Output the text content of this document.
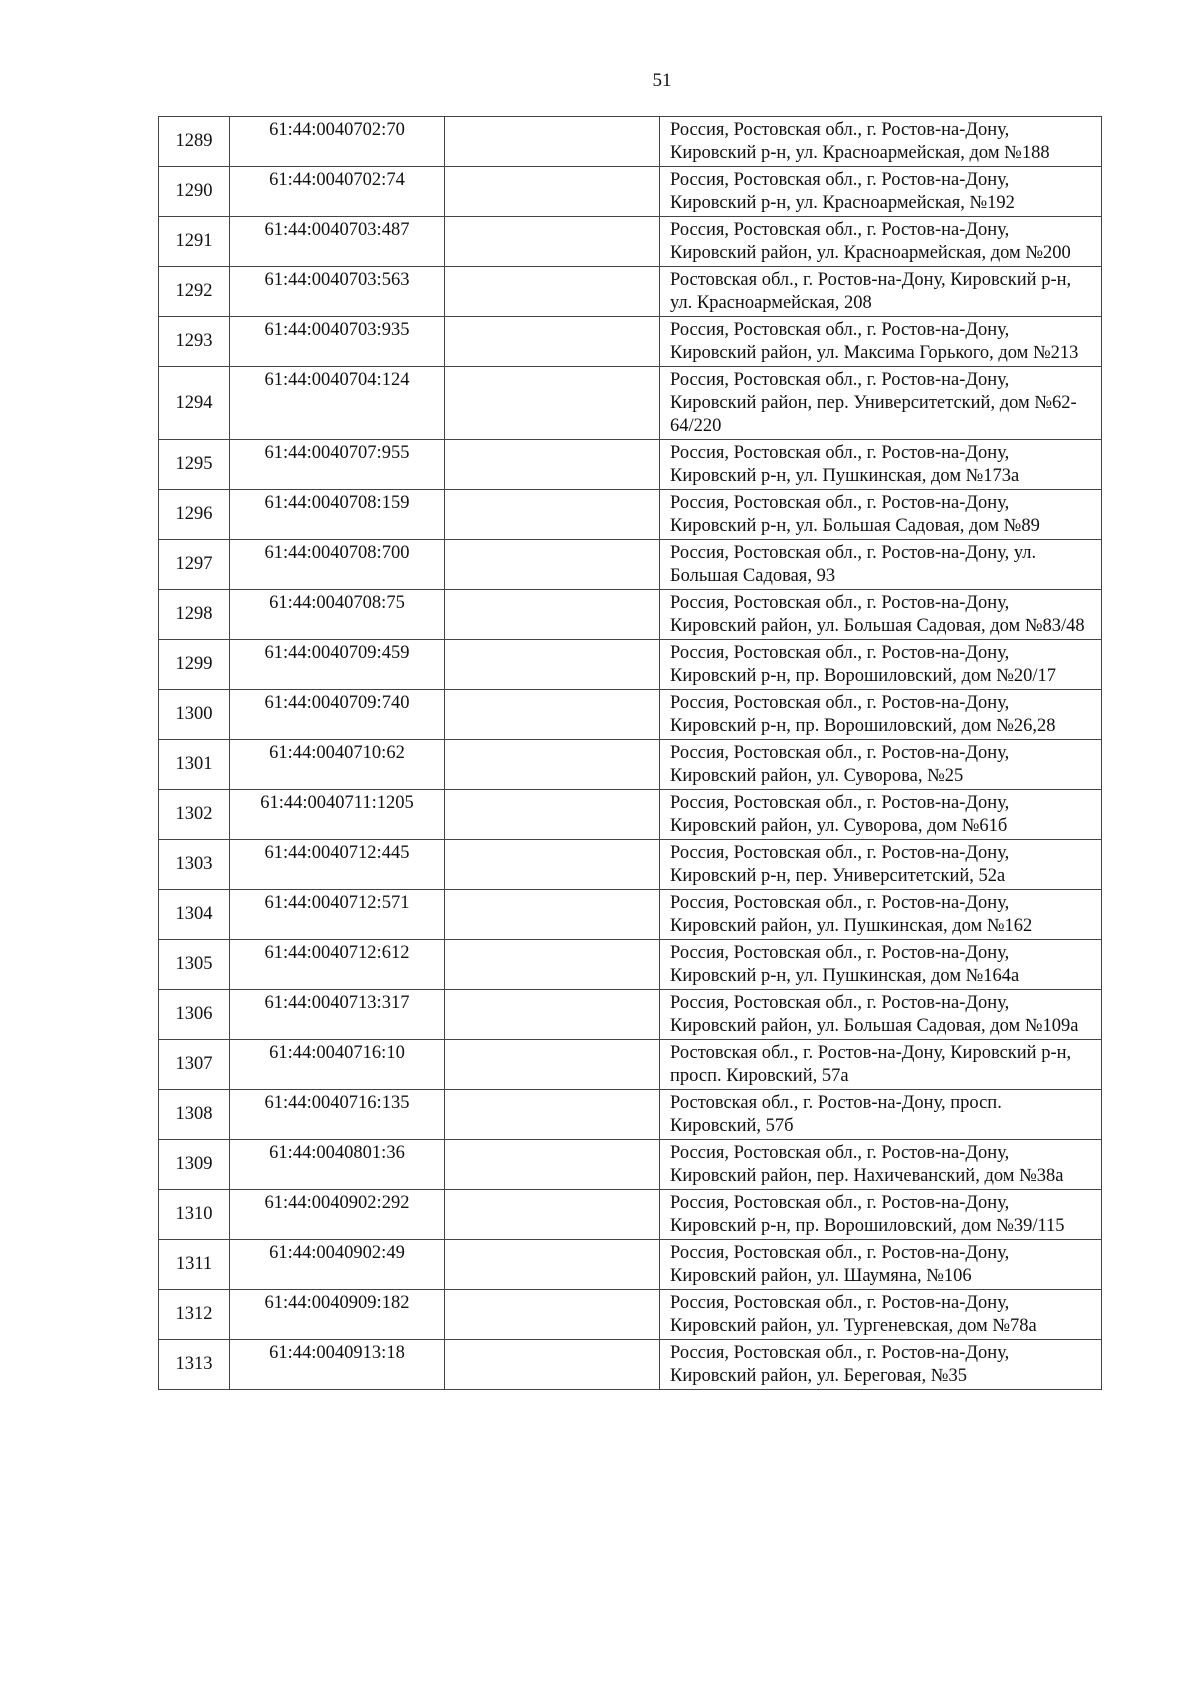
51
1289	61:44:0040702:70		Россия, Ростовская обл., г. Ростов-на-Дону, Кировский р-н, ул. Красноармейская, дом №188
1290	61:44:0040702:74		Россия, Ростовская обл., г. Ростов-на-Дону, Кировский р-н, ул. Красноармейская, №192
1291	61:44:0040703:487		Россия, Ростовская обл., г. Ростов-на-Дону, Кировский район, ул. Красноармейская, дом №200
1292	61:44:0040703:563		Ростовская обл., г. Ростов-на-Дону, Кировский р-н, ул. Красноармейская, 208
1293	61:44:0040703:935		Россия, Ростовская обл., г. Ростов-на-Дону, Кировский район, ул. Максима Горького, дом №213
1294	61:44:0040704:124		Россия, Ростовская обл., г. Ростов-на-Дону, Кировский район, пер. Университетский, дом №62-64/220
1295	61:44:0040707:955		Россия, Ростовская обл., г. Ростов-на-Дону, Кировский р-н, ул. Пушкинская, дом №173а
1296	61:44:0040708:159		Россия, Ростовская обл., г. Ростов-на-Дону, Кировский р-н, ул. Большая Садовая, дом №89
1297	61:44:0040708:700		Россия, Ростовская обл., г. Ростов-на-Дону, ул. Большая Садовая, 93
1298	61:44:0040708:75		Россия, Ростовская обл., г. Ростов-на-Дону, Кировский район, ул. Большая Садовая, дом №83/48
1299	61:44:0040709:459		Россия, Ростовская обл., г. Ростов-на-Дону, Кировский р-н, пр. Ворошиловский, дом №20/17
1300	61:44:0040709:740		Россия, Ростовская обл., г. Ростов-на-Дону, Кировский р-н, пр. Ворошиловский, дом №26,28
1301	61:44:0040710:62		Россия, Ростовская обл., г. Ростов-на-Дону, Кировский район, ул. Суворова, №25
1302	61:44:0040711:1205		Россия, Ростовская обл., г. Ростов-на-Дону, Кировский район, ул. Суворова, дом №61б
1303	61:44:0040712:445		Россия, Ростовская обл., г. Ростов-на-Дону, Кировский р-н, пер. Университетский, 52а
1304	61:44:0040712:571		Россия, Ростовская обл., г. Ростов-на-Дону, Кировский район, ул. Пушкинская, дом №162
1305	61:44:0040712:612		Россия, Ростовская обл., г. Ростов-на-Дону, Кировский р-н, ул. Пушкинская, дом №164а
1306	61:44:0040713:317		Россия, Ростовская обл., г. Ростов-на-Дону, Кировский район, ул. Большая Садовая, дом №109а
1307	61:44:0040716:10		Ростовская обл., г. Ростов-на-Дону, Кировский р-н, просп. Кировский, 57а
1308	61:44:0040716:135		Ростовская обл., г. Ростов-на-Дону, просп. Кировский, 57б
1309	61:44:0040801:36		Россия, Ростовская обл., г. Ростов-на-Дону, Кировский район, пер. Нахичеванский, дом №38а
1310	61:44:0040902:292		Россия, Ростовская обл., г. Ростов-на-Дону, Кировский р-н, пр. Ворошиловский, дом №39/115
1311	61:44:0040902:49		Россия, Ростовская обл., г. Ростов-на-Дону, Кировский район, ул. Шаумяна, №106
1312	61:44:0040909:182		Россия, Ростовская обл., г. Ростов-на-Дону, Кировский район, ул. Тургеневская, дом №78а
1313	61:44:0040913:18		Россия, Ростовская обл., г. Ростов-на-Дону, Кировский район, ул. Береговая, №35
